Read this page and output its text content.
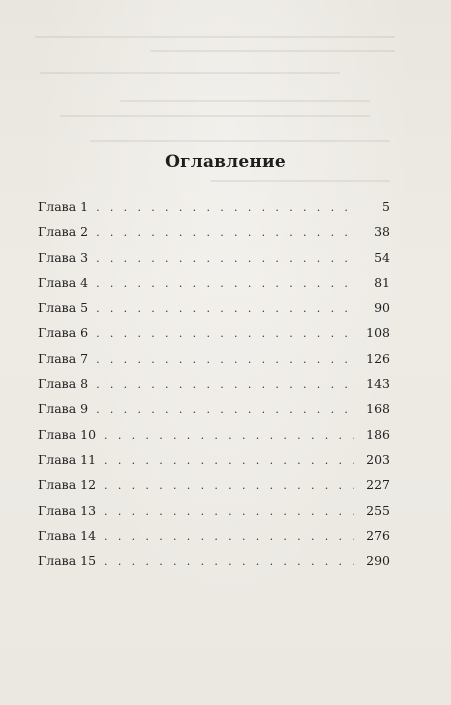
Оглавление
Глава 1 . . .	5
Глава 2 . . .	38
Глава 3 . . .	54
Глава 4 . . .	81
Глава 5 . . .	90
Глава 6 . . .	108
Глава 7 . . .	126
Глава 8 . . .	143
Глава 9 . . .	168
Глава 10 . . .	186
Глава 11 . . .	203
Глава 12 . . .	227
Глава 13 . . .	255
Глава 14 . . .	276
Глава 15 . . .	290
